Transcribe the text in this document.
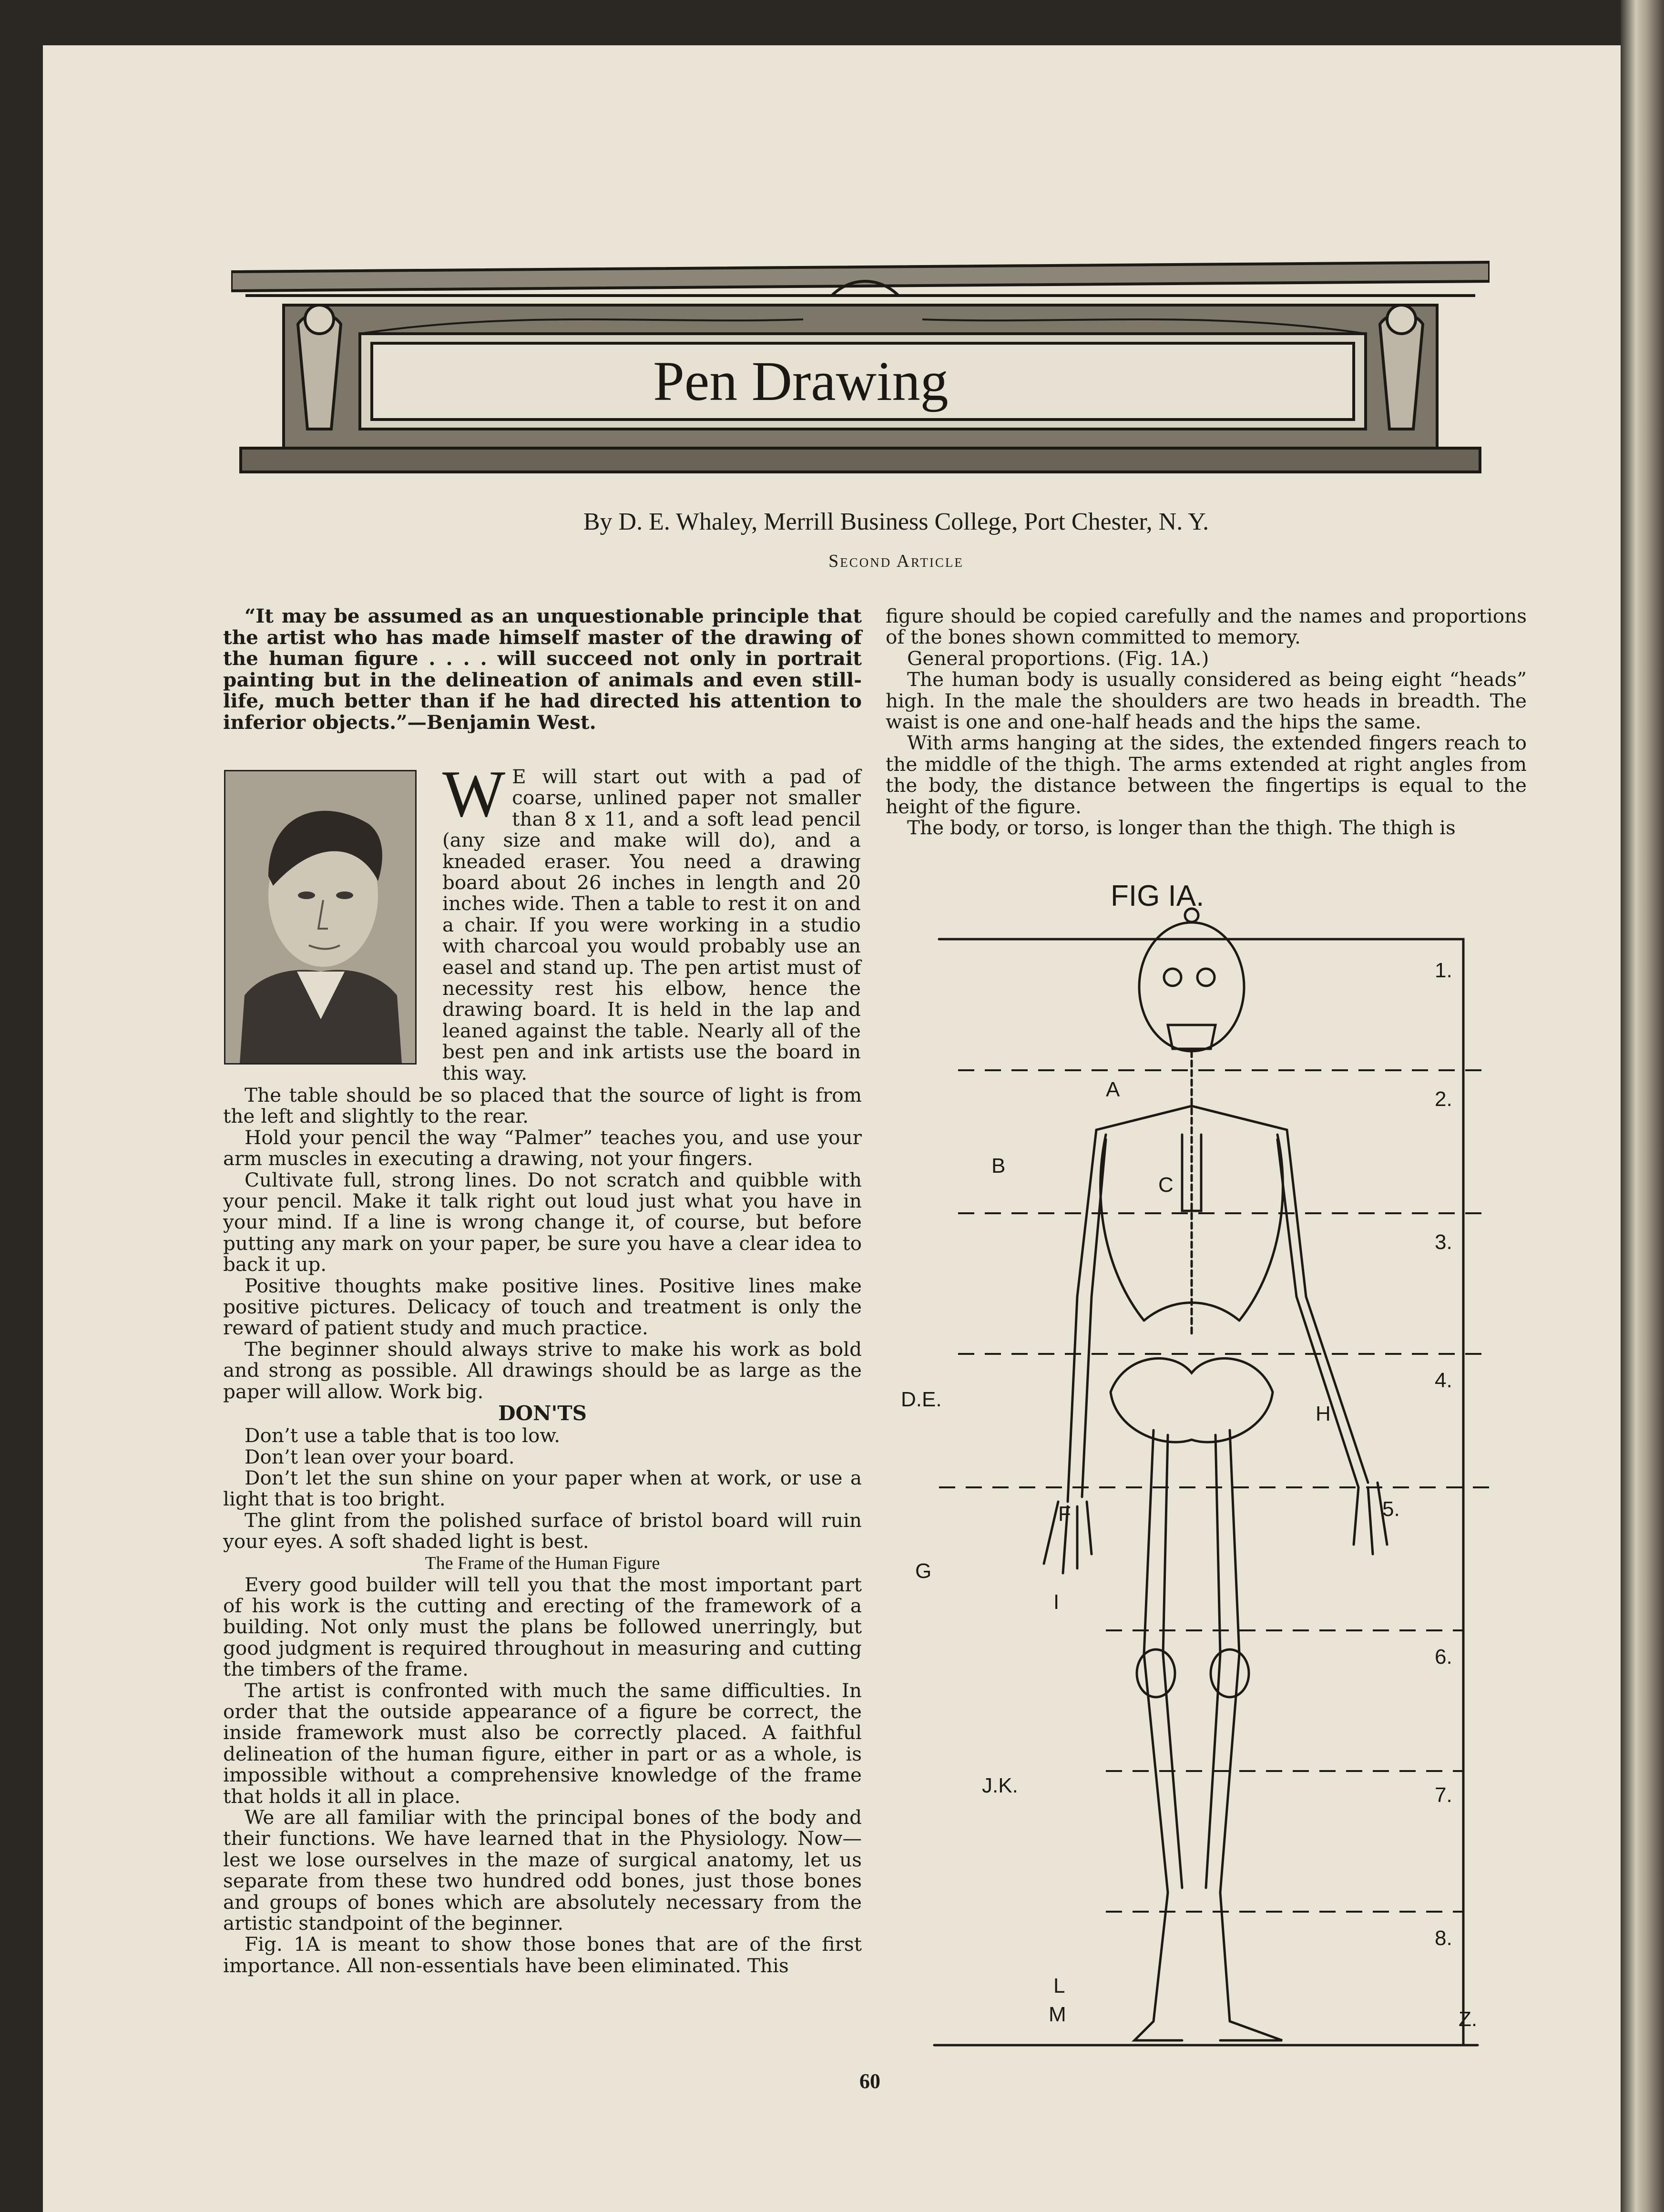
Pen Drawing
By D. E. Whaley, Merrill Business College, Port Chester, N. Y.
Second Article

“It may be assumed as an unquestionable principle that the artist who has made himself master of the drawing of the human figure . . . . will succeed not only in portrait painting but in the delineation of animals and even still-life, much better than if he had directed his attention to inferior objects.”—Benjamin West.

W E will start out with a pad of coarse, unlined paper not smaller than 8 x 11, and a soft lead pencil (any size and make will do), and a kneaded eraser. You need a drawing board about 26 inches in length and 20 inches wide. Then a table to rest it on and a chair. If you were working in a studio with charcoal you would probably use an easel and stand up. The pen artist must of necessity rest his elbow, hence the drawing board. It is held in the lap and leaned against the table. Nearly all of the best pen and ink artists use the board in this way.

The table should be so placed that the source of light is from the left and slightly to the rear.

Hold your pencil the way “Palmer” teaches you, and use your arm muscles in executing a drawing, not your fingers.

Cultivate full, strong lines. Do not scratch and quibble with your pencil. Make it talk right out loud just what you have in your mind. If a line is wrong change it, of course, but before putting any mark on your paper, be sure you have a clear idea to back it up.

Positive thoughts make positive lines. Positive lines make positive pictures. Delicacy of touch and treatment is only the reward of patient study and much practice.

The beginner should always strive to make his work as bold and strong as possible. All drawings should be as large as the paper will allow. Work big.

DON'TS

Don’t use a table that is too low.

Don’t lean over your board.

Don’t let the sun shine on your paper when at work, or use a light that is too bright.

The glint from the polished surface of bristol board will ruin your eyes. A soft shaded light is best.

The Frame of the Human Figure

Every good builder will tell you that the most important part of his work is the cutting and erecting of the framework of a building. Not only must the plans be followed unerringly, but good judgment is required throughout in measuring and cutting the timbers of the frame.

The artist is confronted with much the same difficulties. In order that the outside appearance of a figure be correct, the inside framework must also be correctly placed. A faithful delineation of the human figure, either in part or as a whole, is impossible without a comprehensive knowledge of the frame that holds it all in place.

We are all familiar with the principal bones of the body and their functions. We have learned that in the Physiology. Now—lest we lose ourselves in the maze of surgical anatomy, let us separate from these two hundred odd bones, just those bones and groups of bones which are absolutely necessary from the artistic standpoint of the beginner.

Fig. 1A is meant to show those bones that are of the first importance. All non-essentials have been eliminated. This

figure should be copied carefully and the names and proportions of the bones shown committed to memory.

General proportions. (Fig. 1A.)

The human body is usually considered as being eight “heads” high. In the male the shoulders are two heads in breadth. The waist is one and one-half heads and the hips the same.

With arms hanging at the sides, the extended fingers reach to the middle of the thigh. The arms extended at right angles from the body, the distance between the fingertips is equal to the height of the figure.

The body, or torso, is longer than the thigh. The thigh is

FIG IA.
1.
2.
3.
4.
5.
6.
7.
8.
A
B
C
D.E.
F
G
H
I
J.K.
L
M	Z.
60
